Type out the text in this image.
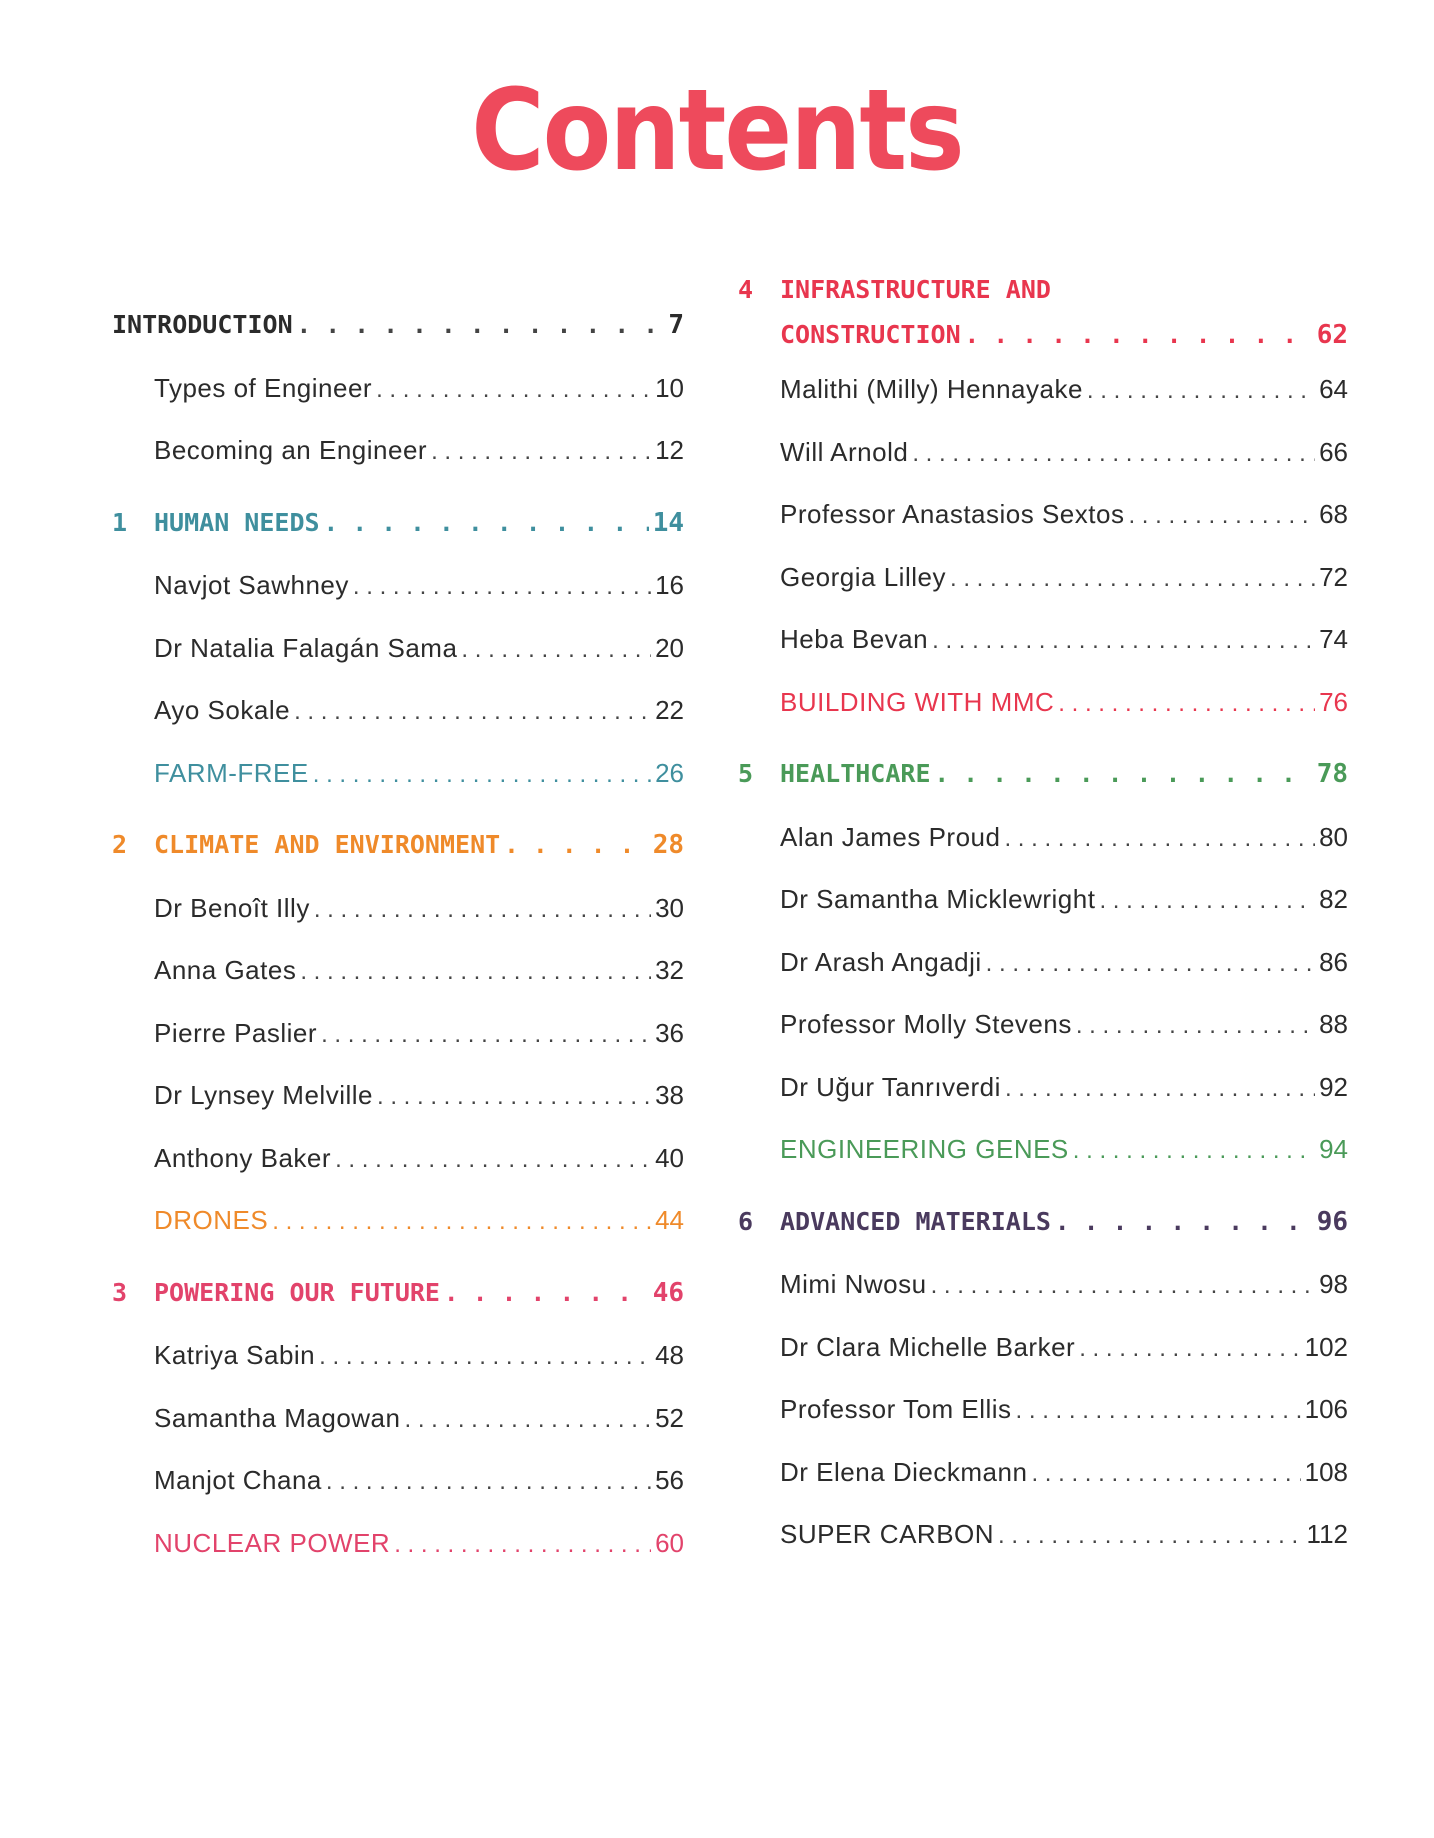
Contents
INTRODUCTION . . .	7
Types of Engineer . . .	10
Becoming an Engineer . . .	12
1	HUMAN NEEDS . . .	14
Navjot Sawhney . . .	16
Dr Natalia Falagán Sama . . .	20
Ayo Sokale . . .	22
FARM-FREE . . .	26
2	CLIMATE AND ENVIRONMENT . . .	28
Dr Benoît Illy . . .	30
Anna Gates . . .	32
Pierre Paslier . . .	36
Dr Lynsey Melville . . .	38
Anthony Baker . . .	40
DRONES . . .	44
3	POWERING OUR FUTURE . . .	46
Katriya Sabin . . .	48
Samantha Magowan . . .	52
Manjot Chana . . .	56
NUCLEAR POWER . . .	60
4	INFRASTRUCTURE AND
CONSTRUCTION . . .	62
Malithi (Milly) Hennayake . . .	64
Will Arnold . . .	66
Professor Anastasios Sextos . . .	68
Georgia Lilley . . .	72
Heba Bevan . . .	74
BUILDING WITH MMC . . .	76
5	HEALTHCARE . . .	78
Alan James Proud . . .	80
Dr Samantha Micklewright . . .	82
Dr Arash Angadji . . .	86
Professor Molly Stevens . . .	88
Dr Uğur Tanrıverdi . . .	92
ENGINEERING GENES . . .	94
6	ADVANCED MATERIALS . . .	96
Mimi Nwosu . . .	98
Dr Clara Michelle Barker . . .	102
Professor Tom Ellis . . .	106
Dr Elena Dieckmann . . .	108
SUPER CARBON . . .	112
